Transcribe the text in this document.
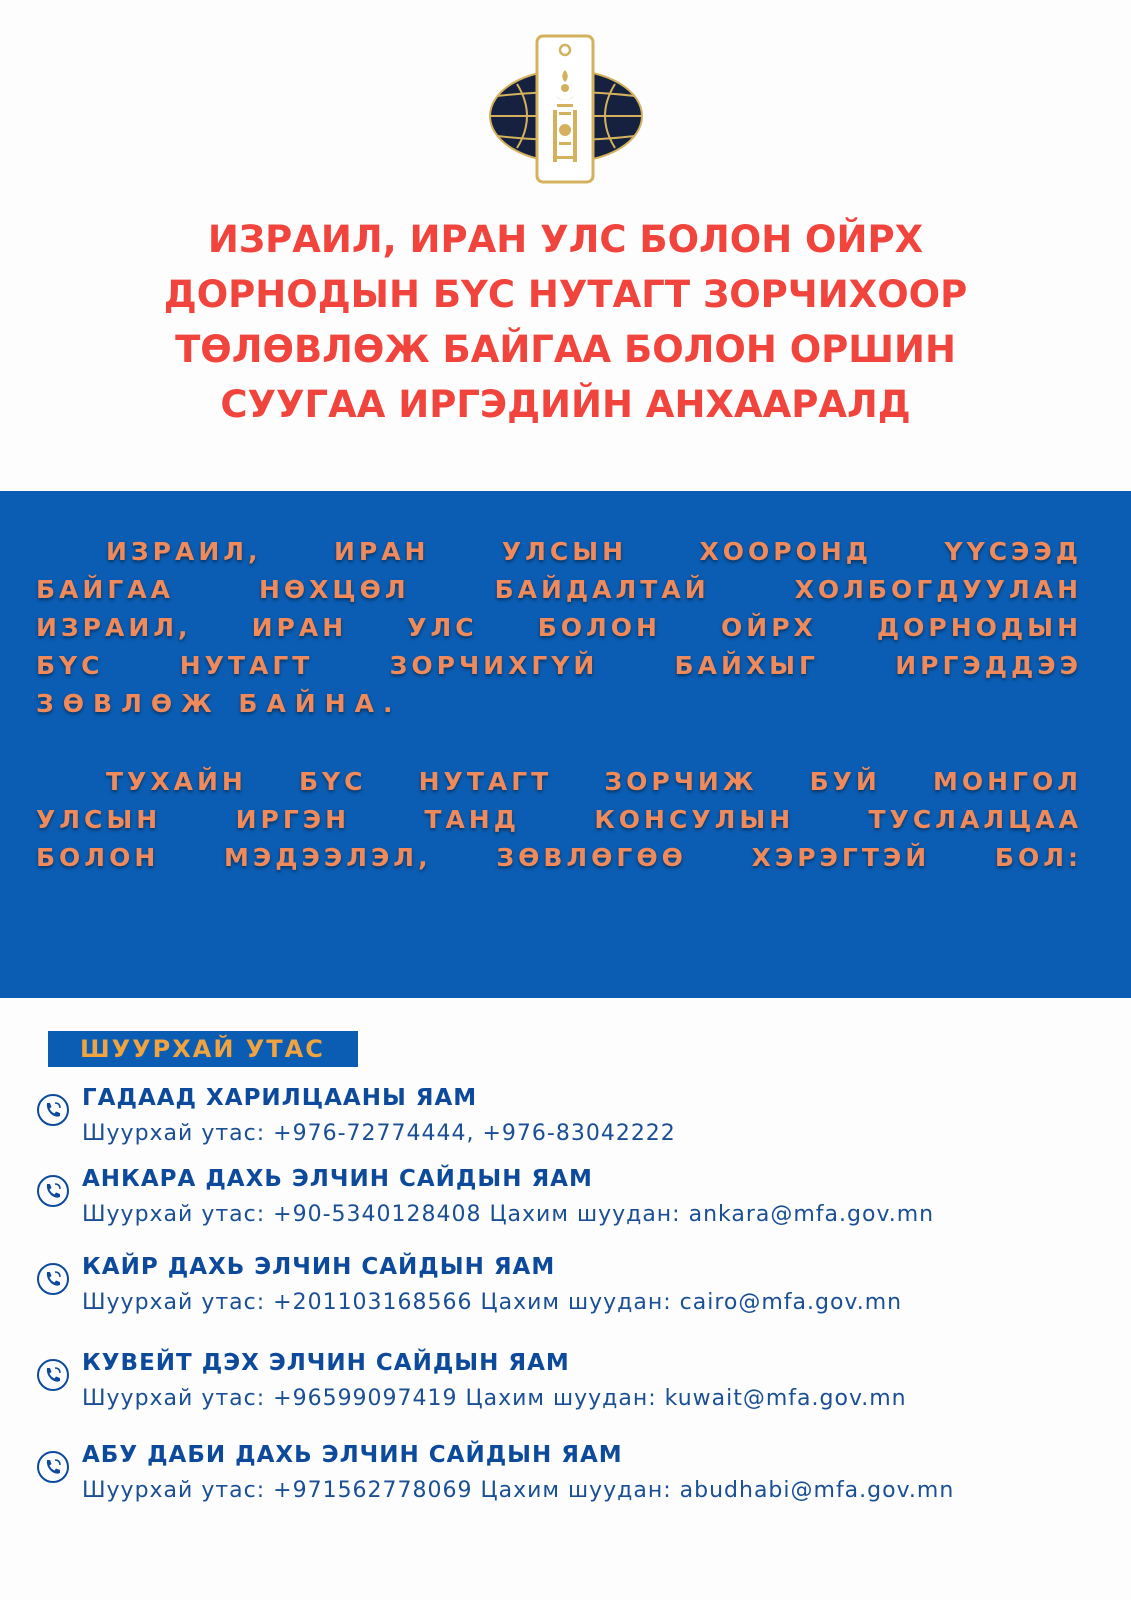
ИЗРАИЛ, ИРАН УЛС БОЛОН ОЙРХ
ДОРНОДЫН БҮС НУТАГТ ЗОРЧИХООР
ТӨЛӨВЛӨЖ БАЙГАА БОЛОН ОРШИН
СУУГАА ИРГЭДИЙН АНХААРАЛД
ИЗРАИЛ, ИРАН УЛСЫН ХООРОНД ҮҮСЭЭД
БАЙГАА НӨХЦӨЛ БАЙДАЛТАЙ ХОЛБОГДУУЛАН
ИЗРАИЛ, ИРАН УЛС БОЛОН ОЙРХ ДОРНОДЫН
БҮС НУТАГТ ЗОРЧИХГҮЙ БАЙХЫГ ИРГЭДДЭЭ
ЗӨВЛӨЖ БАЙНА.
ТУХАЙН БҮС НУТАГТ ЗОРЧИЖ БУЙ МОНГОЛ
УЛСЫН ИРГЭН ТАНД КОНСУЛЫН ТУСЛАЛЦАА
БОЛОН МЭДЭЭЛЭЛ, ЗӨВЛӨГӨӨ ХЭРЭГТЭЙ БОЛ:
ШУУРХАЙ УТАС
ГАДААД ХАРИЛЦААНЫ ЯАМ
Шуурхай утас: +976-72774444, +976-83042222
АНКАРА ДАХЬ ЭЛЧИН САЙДЫН ЯАМ
Шуурхай утас: +90-5340128408 Цахим шуудан: ankara@mfa.gov.mn
КАЙР ДАХЬ ЭЛЧИН САЙДЫН ЯАМ
Шуурхай утас: +201103168566 Цахим шуудан: cairo@mfa.gov.mn
КУВЕЙТ ДЭХ ЭЛЧИН САЙДЫН ЯАМ
Шуурхай утас: +96599097419 Цахим шуудан: kuwait@mfa.gov.mn
АБУ ДАБИ ДАХЬ ЭЛЧИН САЙДЫН ЯАМ
Шуурхай утас: +971562778069 Цахим шуудан: abudhabi@mfa.gov.mn
